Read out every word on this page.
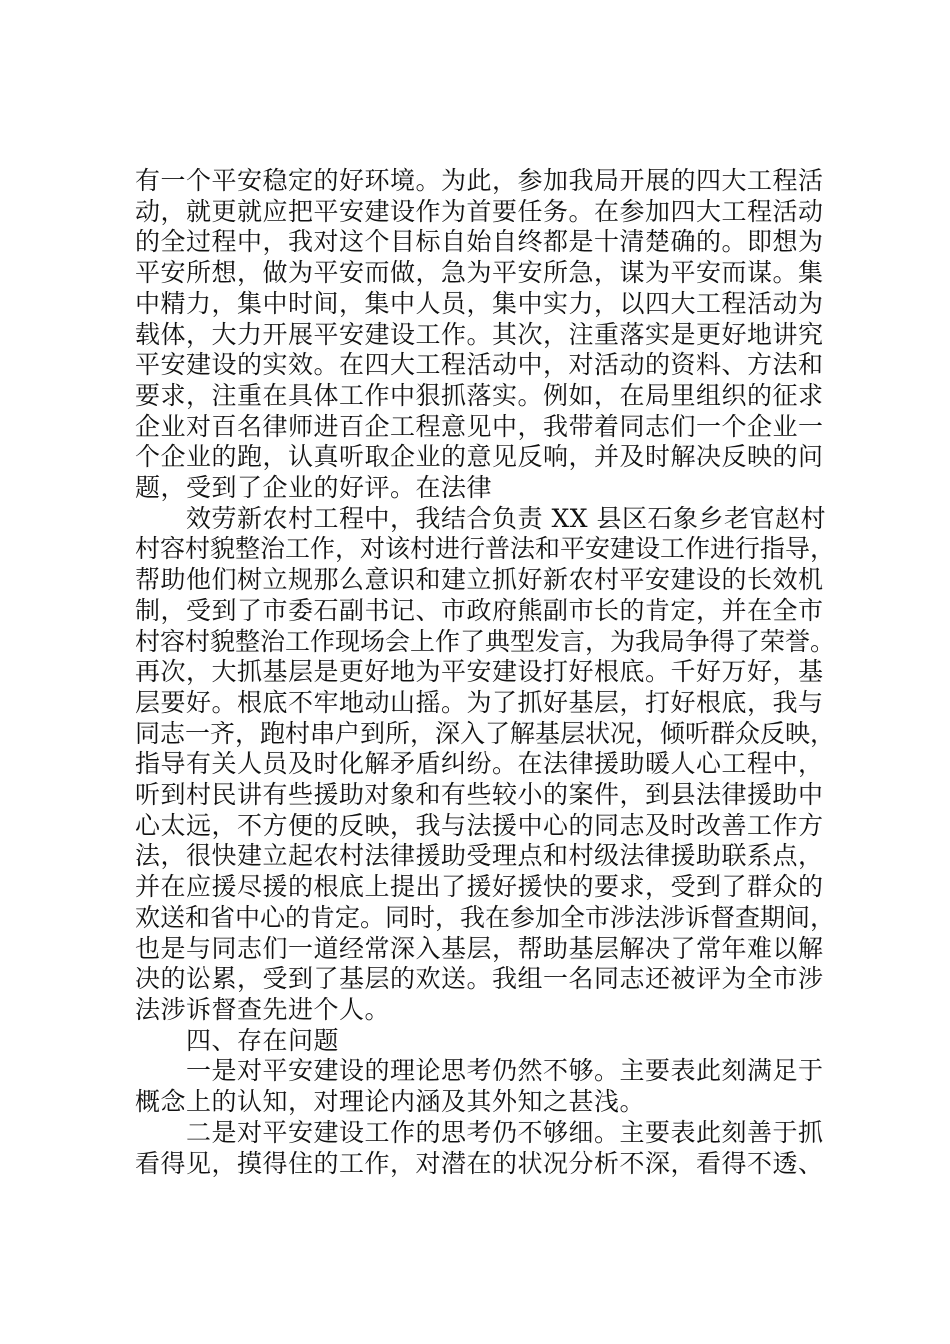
有一个平安稳定的好环境。为此，参加我局开展的四大工程活

动，就更就应把平安建设作为首要任务。在参加四大工程活动

的全过程中，我对这个目标自始自终都是十清楚确的。即想为

平安所想，做为平安而做，急为平安所急，谋为平安而谋。集

中精力，集中时间，集中人员，集中实力，以四大工程活动为

载体，大力开展平安建设工作。其次，注重落实是更好地讲究

平安建设的实效。在四大工程活动中，对活动的资料、方法和

要求，注重在具体工作中狠抓落实。例如，在局里组织的征求

企业对百名律师进百企工程意见中，我带着同志们一个企业一

个企业的跑，认真听取企业的意见反响，并及时解决反映的问

题，受到了企业的好评。在法律

效劳新农村工程中，我结合负责 XX 县区石象乡老官赵村

村容村貌整治工作，对该村进行普法和平安建设工作进行指导，

帮助他们树立规那么意识和建立抓好新农村平安建设的长效机

制，受到了市委石副书记、市政府熊副市长的肯定，并在全市

村容村貌整治工作现场会上作了典型发言，为我局争得了荣誉。

再次，大抓基层是更好地为平安建设打好根底。千好万好，基

层要好。根底不牢地动山摇。为了抓好基层，打好根底，我与

同志一齐，跑村串户到所，深入了解基层状况，倾听群众反映，

指导有关人员及时化解矛盾纠纷。在法律援助暖人心工程中，

听到村民讲有些援助对象和有些较小的案件，到县法律援助中

心太远，不方便的反映，我与法援中心的同志及时改善工作方

法，很快建立起农村法律援助受理点和村级法律援助联系点，

并在应援尽援的根底上提出了援好援快的要求，受到了群众的

欢送和省中心的肯定。同时，我在参加全市涉法涉诉督查期间，

也是与同志们一道经常深入基层，帮助基层解决了常年难以解

决的讼累，受到了基层的欢送。我组一名同志还被评为全市涉

法涉诉督查先进个人。

四、存在问题

一是对平安建设的理论思考仍然不够。主要表此刻满足于

概念上的认知，对理论内涵及其外知之甚浅。

二是对平安建设工作的思考仍不够细。主要表此刻善于抓

看得见，摸得住的工作，对潜在的状况分析不深，看得不透、
